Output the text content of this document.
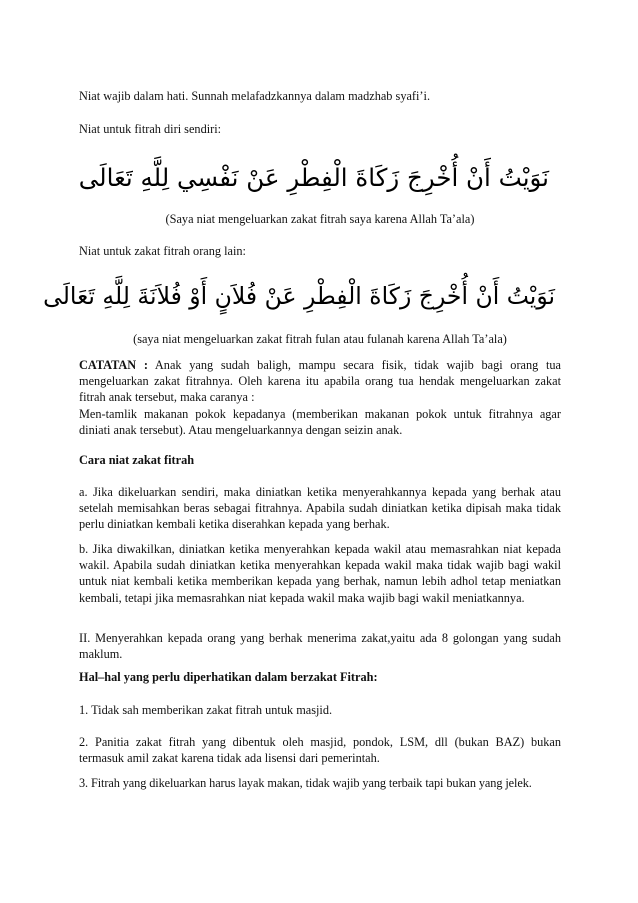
Niat wajib dalam hati. Sunnah melafadzkannya dalam madzhab syafi’i.

Niat untuk fitrah diri sendiri:

نَوَيْتُ أَنْ أُخْرِجَ زَكَاةَ الْفِطْرِ عَنْ نَفْسِي لِلَّهِ تَعَالَى
(Saya niat mengeluarkan zakat fitrah saya karena Allah Ta’ala)

Niat untuk zakat fitrah orang lain:

نَوَيْتُ أَنْ أُخْرِجَ زَكَاةَ الْفِطْرِ عَنْ فُلاَنٍ أَوْ فُلاَنَةَ لِلَّهِ تَعَالَى
(saya niat mengeluarkan zakat fitrah fulan atau fulanah karena Allah Ta’ala)

CATATAN : Anak yang sudah baligh, mampu secara fisik, tidak wajib bagi orang tua mengeluarkan zakat fitrahnya. Oleh karena itu apabila orang tua hendak mengeluarkan zakat fitrah anak tersebut, maka caranya :
Men-tamlik makanan pokok kepadanya (memberikan makanan pokok untuk fitrahnya agar diniati anak tersebut). Atau mengeluarkannya dengan seizin anak.

Cara niat zakat fitrah

a. Jika dikeluarkan sendiri, maka diniatkan ketika menyerahkannya kepada yang berhak atau setelah memisahkan beras sebagai fitrahnya. Apabila sudah diniatkan ketika dipisah maka tidak perlu diniatkan kembali ketika diserahkan kepada yang berhak.

b. Jika diwakilkan, diniatkan ketika menyerahkan kepada wakil atau memasrahkan niat kepada wakil. Apabila sudah diniatkan ketika menyerahkan kepada wakil maka tidak wajib bagi wakil untuk niat kembali ketika memberikan kepada yang berhak, namun lebih adhol tetap meniatkan kembali, tetapi jika memasrahkan niat kepada wakil maka wajib bagi wakil meniatkannya.

II. Menyerahkan kepada orang yang berhak menerima zakat,yaitu ada 8 golongan yang sudah maklum.

Hal–hal yang perlu diperhatikan dalam berzakat Fitrah:

1. Tidak sah memberikan zakat fitrah untuk masjid.

2. Panitia zakat fitrah yang dibentuk oleh masjid, pondok, LSM, dll (bukan BAZ) bukan termasuk amil zakat karena tidak ada lisensi dari pemerintah.

3. Fitrah yang dikeluarkan harus layak makan, tidak wajib yang terbaik tapi bukan yang jelek.
